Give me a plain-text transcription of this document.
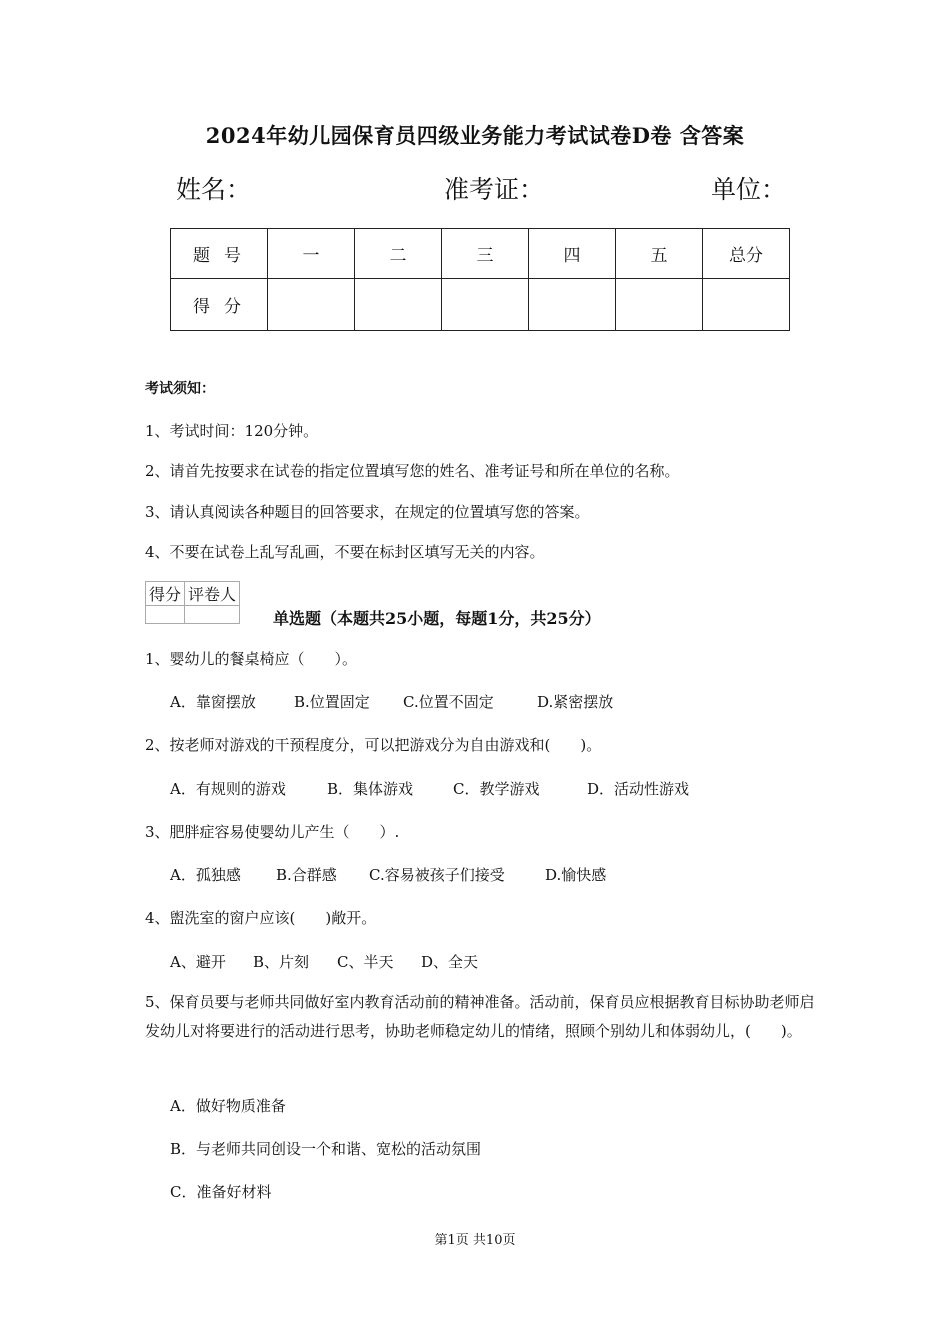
2024年幼儿园保育员四级业务能力考试试卷D卷 含答案
姓名：	准考证：	单位：
题号	一	二	三	四	五	总分
得分						
考试须知：
1、考试时间：120分钟。
2、请首先按要求在试卷的指定位置填写您的姓名、准考证号和所在单位的名称。
3、请认真阅读各种题目的回答要求，在规定的位置填写您的答案。
4、不要在试卷上乱写乱画，不要在标封区填写无关的内容。
得分	评卷人

单选题（本题共25小题，每题1分，共25分）
1、婴幼儿的餐桌椅应（　　）。
A．靠窗摆放	B.位置固定 C.位置不固定	D.紧密摆放
2、按老师对游戏的干预程度分，可以把游戏分为自由游戏和(　　)。
A．有规则的游戏	B．集体游戏	C．教学游戏	D．活动性游戏
3、肥胖症容易使婴幼儿产生（　　）.
A．孤独感 B.合群感 C.容易被孩子们接受	D.愉快感
4、盥洗室的窗户应该(　　)敞开。
A、避开 B、片刻 C、半天 D、全天
5、保育员要与老师共同做好室内教育活动前的精神准备。活动前，保育员应根据教育目标协助老师启发幼儿对将要进行的活动进行思考，协助老师稳定幼儿的情绪，照顾个别幼儿和体弱幼儿，(　　)。
A．做好物质准备
B．与老师共同创设一个和谐、宽松的活动氛围
C．准备好材料
第1页 共10页
